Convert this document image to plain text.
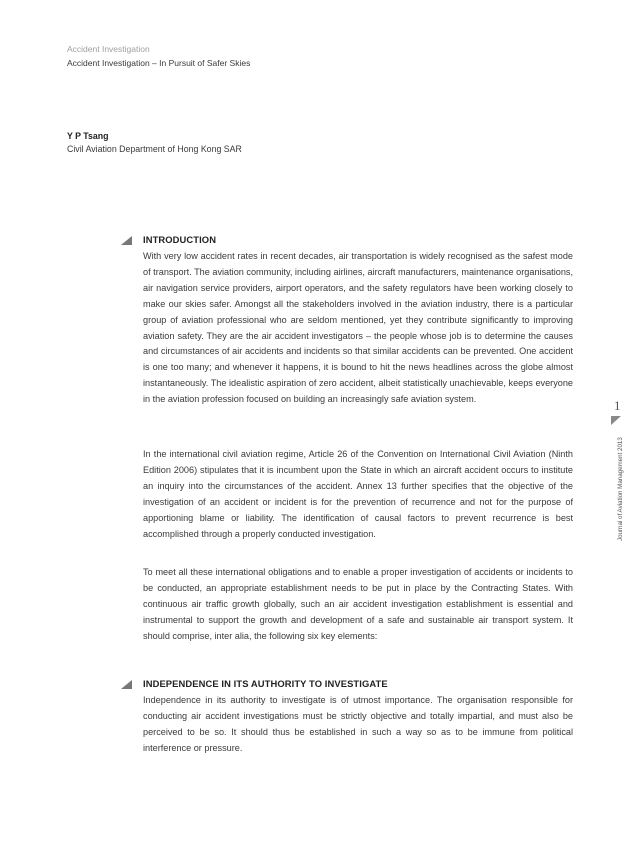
Accident Investigation
Accident Investigation – In Pursuit of Safer Skies
Y P Tsang
Civil Aviation Department of Hong Kong SAR
INTRODUCTION

With very low accident rates in recent decades, air transportation is widely recognised as the safest mode of transport. The aviation community, including airlines, aircraft manufacturers, maintenance organisations, air navigation service providers, airport operators, and the safety regulators have been working closely to make our skies safer. Amongst all the stakeholders involved in the aviation industry, there is a particular group of aviation professional who are seldom mentioned, yet they contribute significantly to improving aviation safety. They are the air accident investigators – the people whose job is to determine the causes and circumstances of air accidents and incidents so that similar accidents can be prevented. One accident is one too many; and whenever it happens, it is bound to hit the news headlines across the globe almost instantaneously. The idealistic aspiration of zero accident, albeit statistically unachievable, keeps everyone in the aviation profession focused on building an increasingly safe aviation system.

In the international civil aviation regime, Article 26 of the Convention on International Civil Aviation (Ninth Edition 2006) stipulates that it is incumbent upon the State in which an aircraft accident occurs to institute an inquiry into the circumstances of the accident. Annex 13 further specifies that the objective of the investigation of an accident or incident is for the prevention of recurrence and not for the purpose of apportioning blame or liability. The identification of causal factors to prevent recurrence is best accomplished through a properly conducted investigation.

To meet all these international obligations and to enable a proper investigation of accidents or incidents to be conducted, an appropriate establishment needs to be put in place by the Contracting States. With continuous air traffic growth globally, such an air accident investigation establishment is essential and instrumental to support the growth and development of a safe and sustainable air transport system. It should comprise, inter alia, the following six key elements:

INDEPENDENCE IN ITS AUTHORITY TO INVESTIGATE

Independence in its authority to investigate is of utmost importance. The organisation responsible for conducting air accident investigations must be strictly objective and totally impartial, and must also be perceived to be so. It should thus be established in such a way so as to be immune from political interference or pressure.

1
Journal of Aviation Management 2013
